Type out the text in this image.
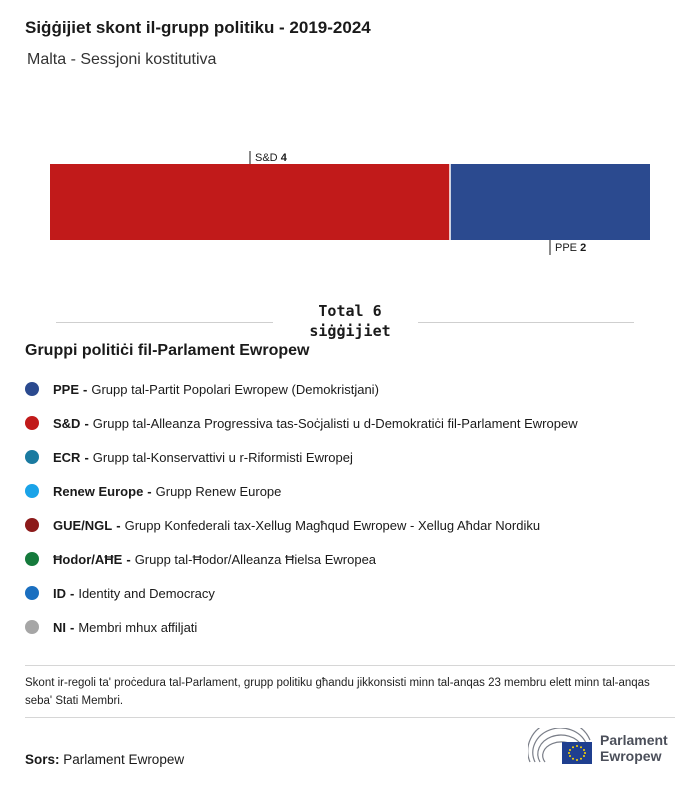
Siġġijiet skont il-grupp politiku - 2019-2024
Malta - Sessjoni kostitutiva
S&D 4
PPE 2
Total 6
siġġijiet
Gruppi politiċi fil-Parlament Ewropew
PPE - Grupp tal-Partit Popolari Ewropew (Demokristjani)
S&D - Grupp tal-Alleanza Progressiva tas-Soċjalisti u d-Demokratiċi fil-Parlament Ewropew
ECR - Grupp tal-Konservattivi u r-Riformisti Ewropej
Renew Europe - Grupp Renew Europe
GUE/NGL - Grupp Konfederali tax-Xellug Magħqud Ewropew - Xellug Aħdar Nordiku
Ħodor/AĦE - Grupp tal-Ħodor/Alleanza Ħielsa Ewropea
ID - Identity and Democracy
NI - Membri mhux affiljati
Skont ir-regoli ta' proċedura tal-Parlament, grupp politiku għandu jikkonsisti minn tal-anqas 23 membru elett minn tal-anqas seba' Stati Membri.
Sors: Parlament Ewropew
Parlament
Ewropew
